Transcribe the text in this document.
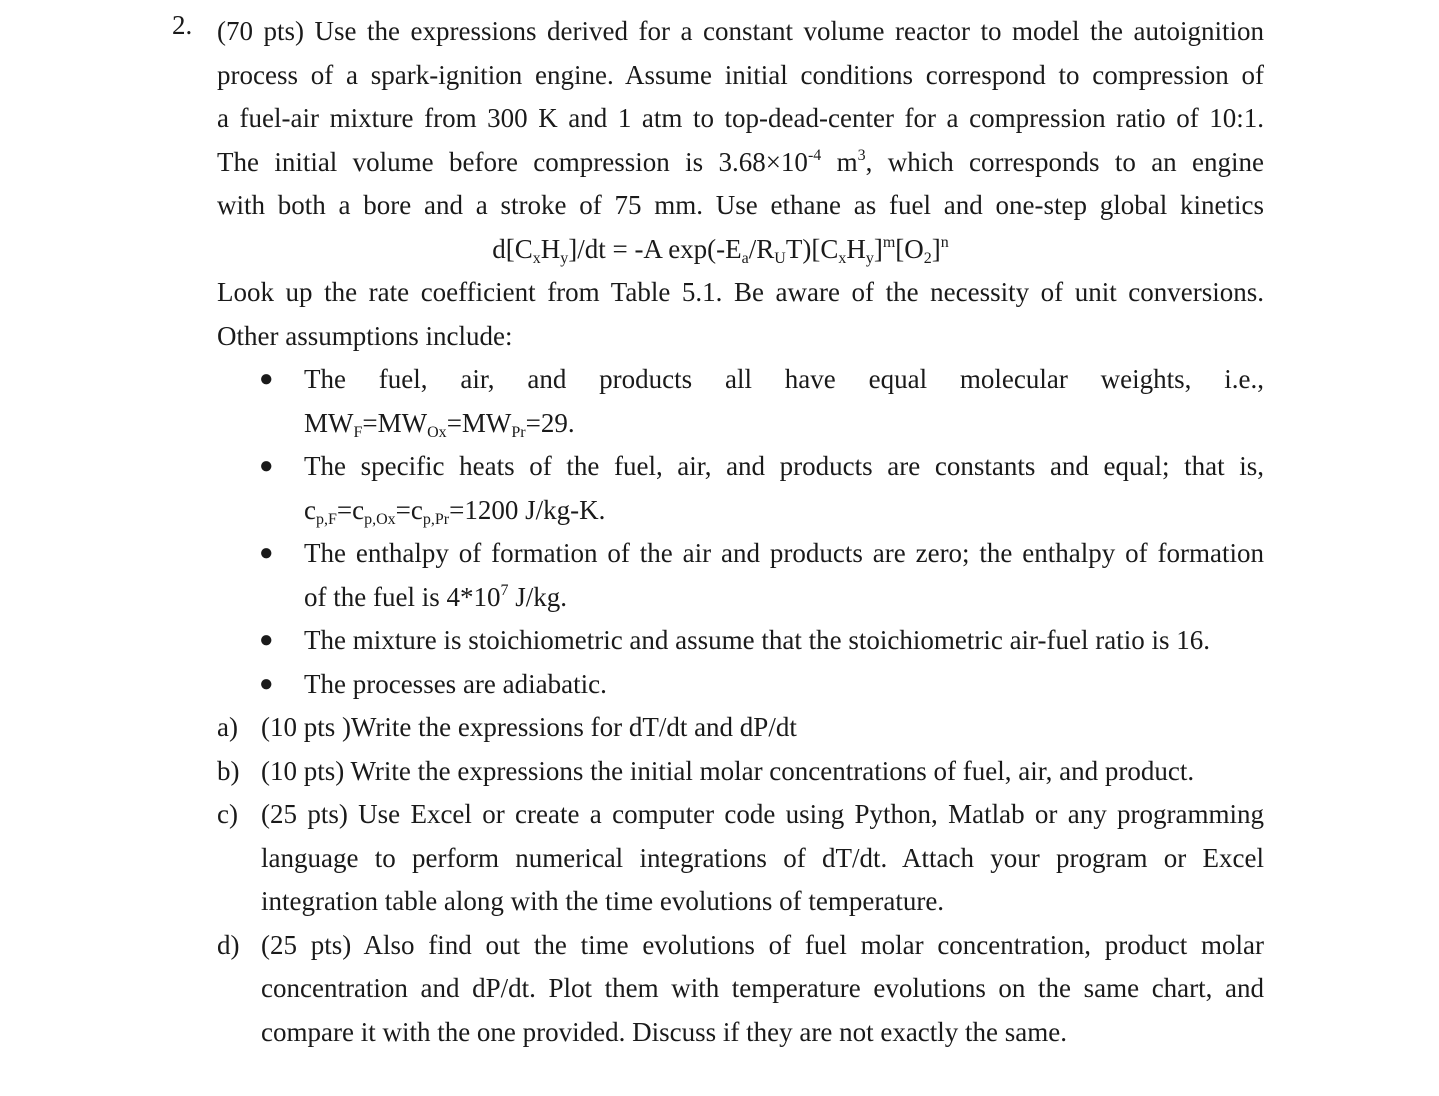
2. (70 pts) Use the expressions derived for a constant volume reactor to model the autoignition
process of a spark-ignition engine. Assume initial conditions correspond to compression of
a fuel-air mixture from 300 K and 1 atm to top-dead-center for a compression ratio of 10:1.
The initial volume before compression is $3.68\times 10^{-4}$ $m^3$, which corresponds to an engine
with both a bore and a stroke of 75 mm. Use ethane as fuel and one-step global kinetics
$d[C_xH_y]/dt = -A$ $\exp(-E_a/R_UT)[C_xH_y]^m[O_2]^n$
Look up the rate coefficient from Table 5.1. Be aware of the necessity of unit conversions.
Other assumptions include:
● The fuel, air, and products all have equal molecular weights, i.e.,
$MW_F=MW_{Ox}=MW_{Pr}=29$.
● The specific heats of the fuel, air, and products are constants and equal; that is,
$c_{p,F}=c_{p,Ox}=c_{p,Pr}=1200$ J/kg-K.
● The enthalpy of formation of the air and products are zero; the enthalpy of formation
of the fuel is $4*10^7$ J/kg.
● The mixture is stoichiometric and assume that the stoichiometric air-fuel ratio is 16.
● The processes are adiabatic.
a) (10 pts )Write the expressions for dT/dt and dP/dt
b) (10 pts) Write the expressions the initial molar concentrations of fuel, air, and product.
c) (25 pts) Use Excel or create a computer code using Python, Matlab or any programming
language to perform numerical integrations of dT/dt. Attach your program or Excel
integration table along with the time evolutions of temperature.
d) (25 pts) Also find out the time evolutions of fuel molar concentration, product molar
concentration and dP/dt. Plot them with temperature evolutions on the same chart, and
compare it with the one provided. Discuss if they are not exactly the same.
